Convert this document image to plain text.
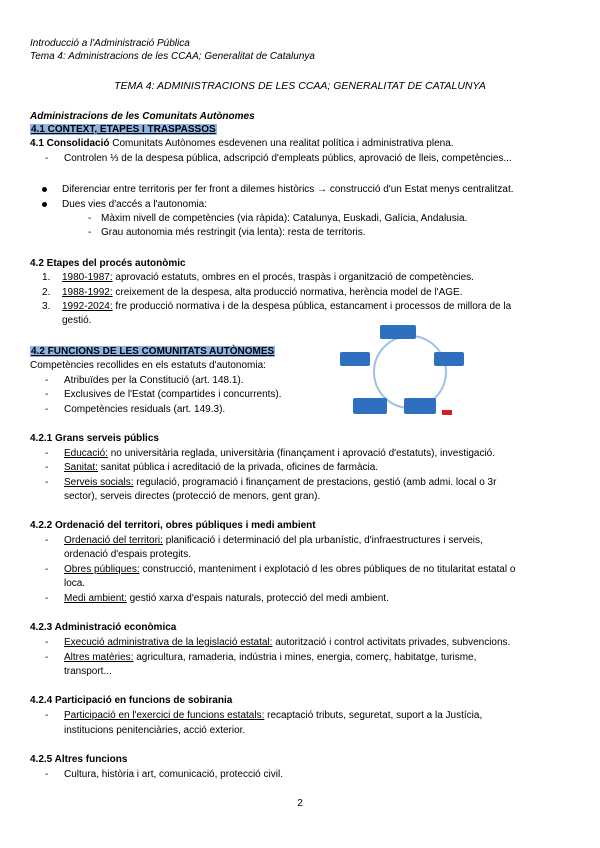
Introducció a l'Administració Pública
Tema 4: Administracions de les CCAA; Generalitat de Catalunya
TEMA 4: ADMINISTRACIONS DE LES CCAA; GENERALITAT DE CATALUNYA
Administracions de les Comunitats Autònomes
4.1 CONTEXT, ETAPES I TRASPASSOS
4.1 Consolidació Comunitats Autònomes esdevenen una realitat política i administrativa plena.
-	Controlen ⅓ de la despesa pública, adscripció d'empleats públics, aprovació de lleis, competències...
Diferenciar entre territoris per fer front a dilemes històrics → construcció d'un Estat menys centralitzat.
Dues vies d'accés a l'autonomia:
- Màxim nivell de competències (via ràpida): Catalunya, Euskadi, Galícia, Andalusia.
- Grau autonomia més restringit (via lenta): resta de territoris.
4.2 Etapes del procés autonòmic
1. 1980-1987: aprovació estatuts, ombres en el procés, traspàs i organització de competències.
2. 1988-1992: creixement de la despesa, alta producció normativa, herència model de l'AGE.
3. 1992-2024: fre producció normativa i de la despesa pública, estancament i processos de millora de la
gestió.
4.2 FUNCIONS DE LES COMUNITATS AUTÒNOMES
Competències recollides en els estatuts d'autonomia:
-	Atribuïdes per la Constitució (art. 148.1).
-	Exclusives de l'Estat (compartides i concurrents).
-	Competències residuals (art. 149.3).
4.2.1 Grans serveis públics
-	Educació: no universitària reglada, universitària (finançament i aprovació d'estatuts), investigació.
-	Sanitat: sanitat pública i acreditació de la privada, oficines de farmàcia.
-	Serveis socials: regulació, programació i finançament de prestacions, gestió (amb admi. local o 3r
sector), serveis directes (protecció de menors, gent gran).
4.2.2 Ordenació del territori, obres públiques i medi ambient
-	Ordenació del territori: planificació i determinació del pla urbanístic, d'infraestructures i serveis,
ordenació d'espais protegits.
-	Obres públiques: construcció, manteniment i explotació d les obres públiques de no titularitat estatal o
loca.
-	Medi ambient: gestió xarxa d'espais naturals, protecció del medi ambient.
4.2.3 Administració econòmica
-	Execució administrativa de la legislació estatal: autorització i control activitats privades, subvencions.
-	Altres matèries: agricultura, ramaderia, indústria i mines, energia, comerç, habitatge, turisme,
transport...
4.2.4 Participació en funcions de sobirania
-	Participació en l'exercici de funcions estatals: recaptació tributs, seguretat, suport a la Justícia,
institucions penitenciàries, acció exterior.
4.2.5 Altres funcions
-	Cultura, història i art, comunicació, protecció civil.
2
